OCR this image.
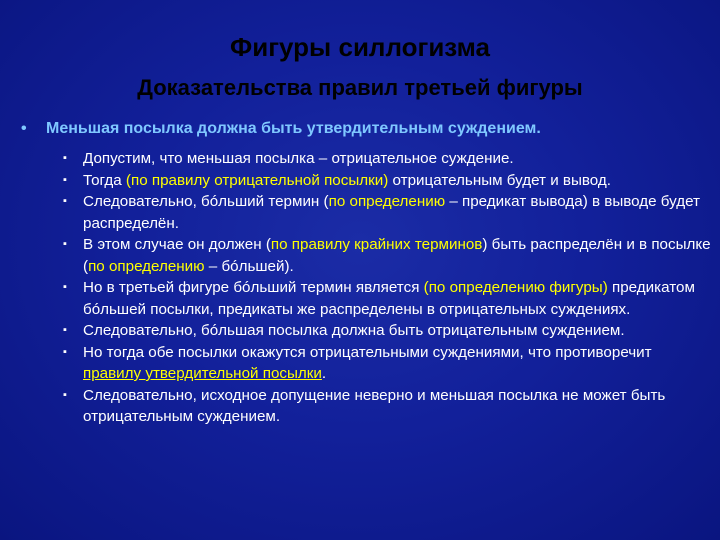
Фигуры силлогизма
Доказательства правил третьей фигуры
• Меньшая посылка должна быть утвердительным суждением.
▪ Допустим, что меньшая посылка – отрицательное суждение.
▪ Тогда (по правилу отрицательной посылки) отрицательным будет и вывод.
▪ Следовательно, бóльший термин (по определению – предикат вывода) в выводе будет распределён.
▪ В этом случае он должен (по правилу крайних терминов) быть распределён и в посылке (по определению – бóльшей).
▪ Но в третьей фигуре бóльший термин является (по определению фигуры) предикатом бóльшей посылки, предикаты же распределены в отрицательных суждениях.
▪ Следовательно, бóльшая посылка должна быть отрицательным суждением.
▪ Но тогда обе посылки окажутся отрицательными суждениями, что противоречит правилу утвердительной посылки.
▪ Следовательно, исходное допущение неверно и меньшая посылка не может быть отрицательным суждением.
